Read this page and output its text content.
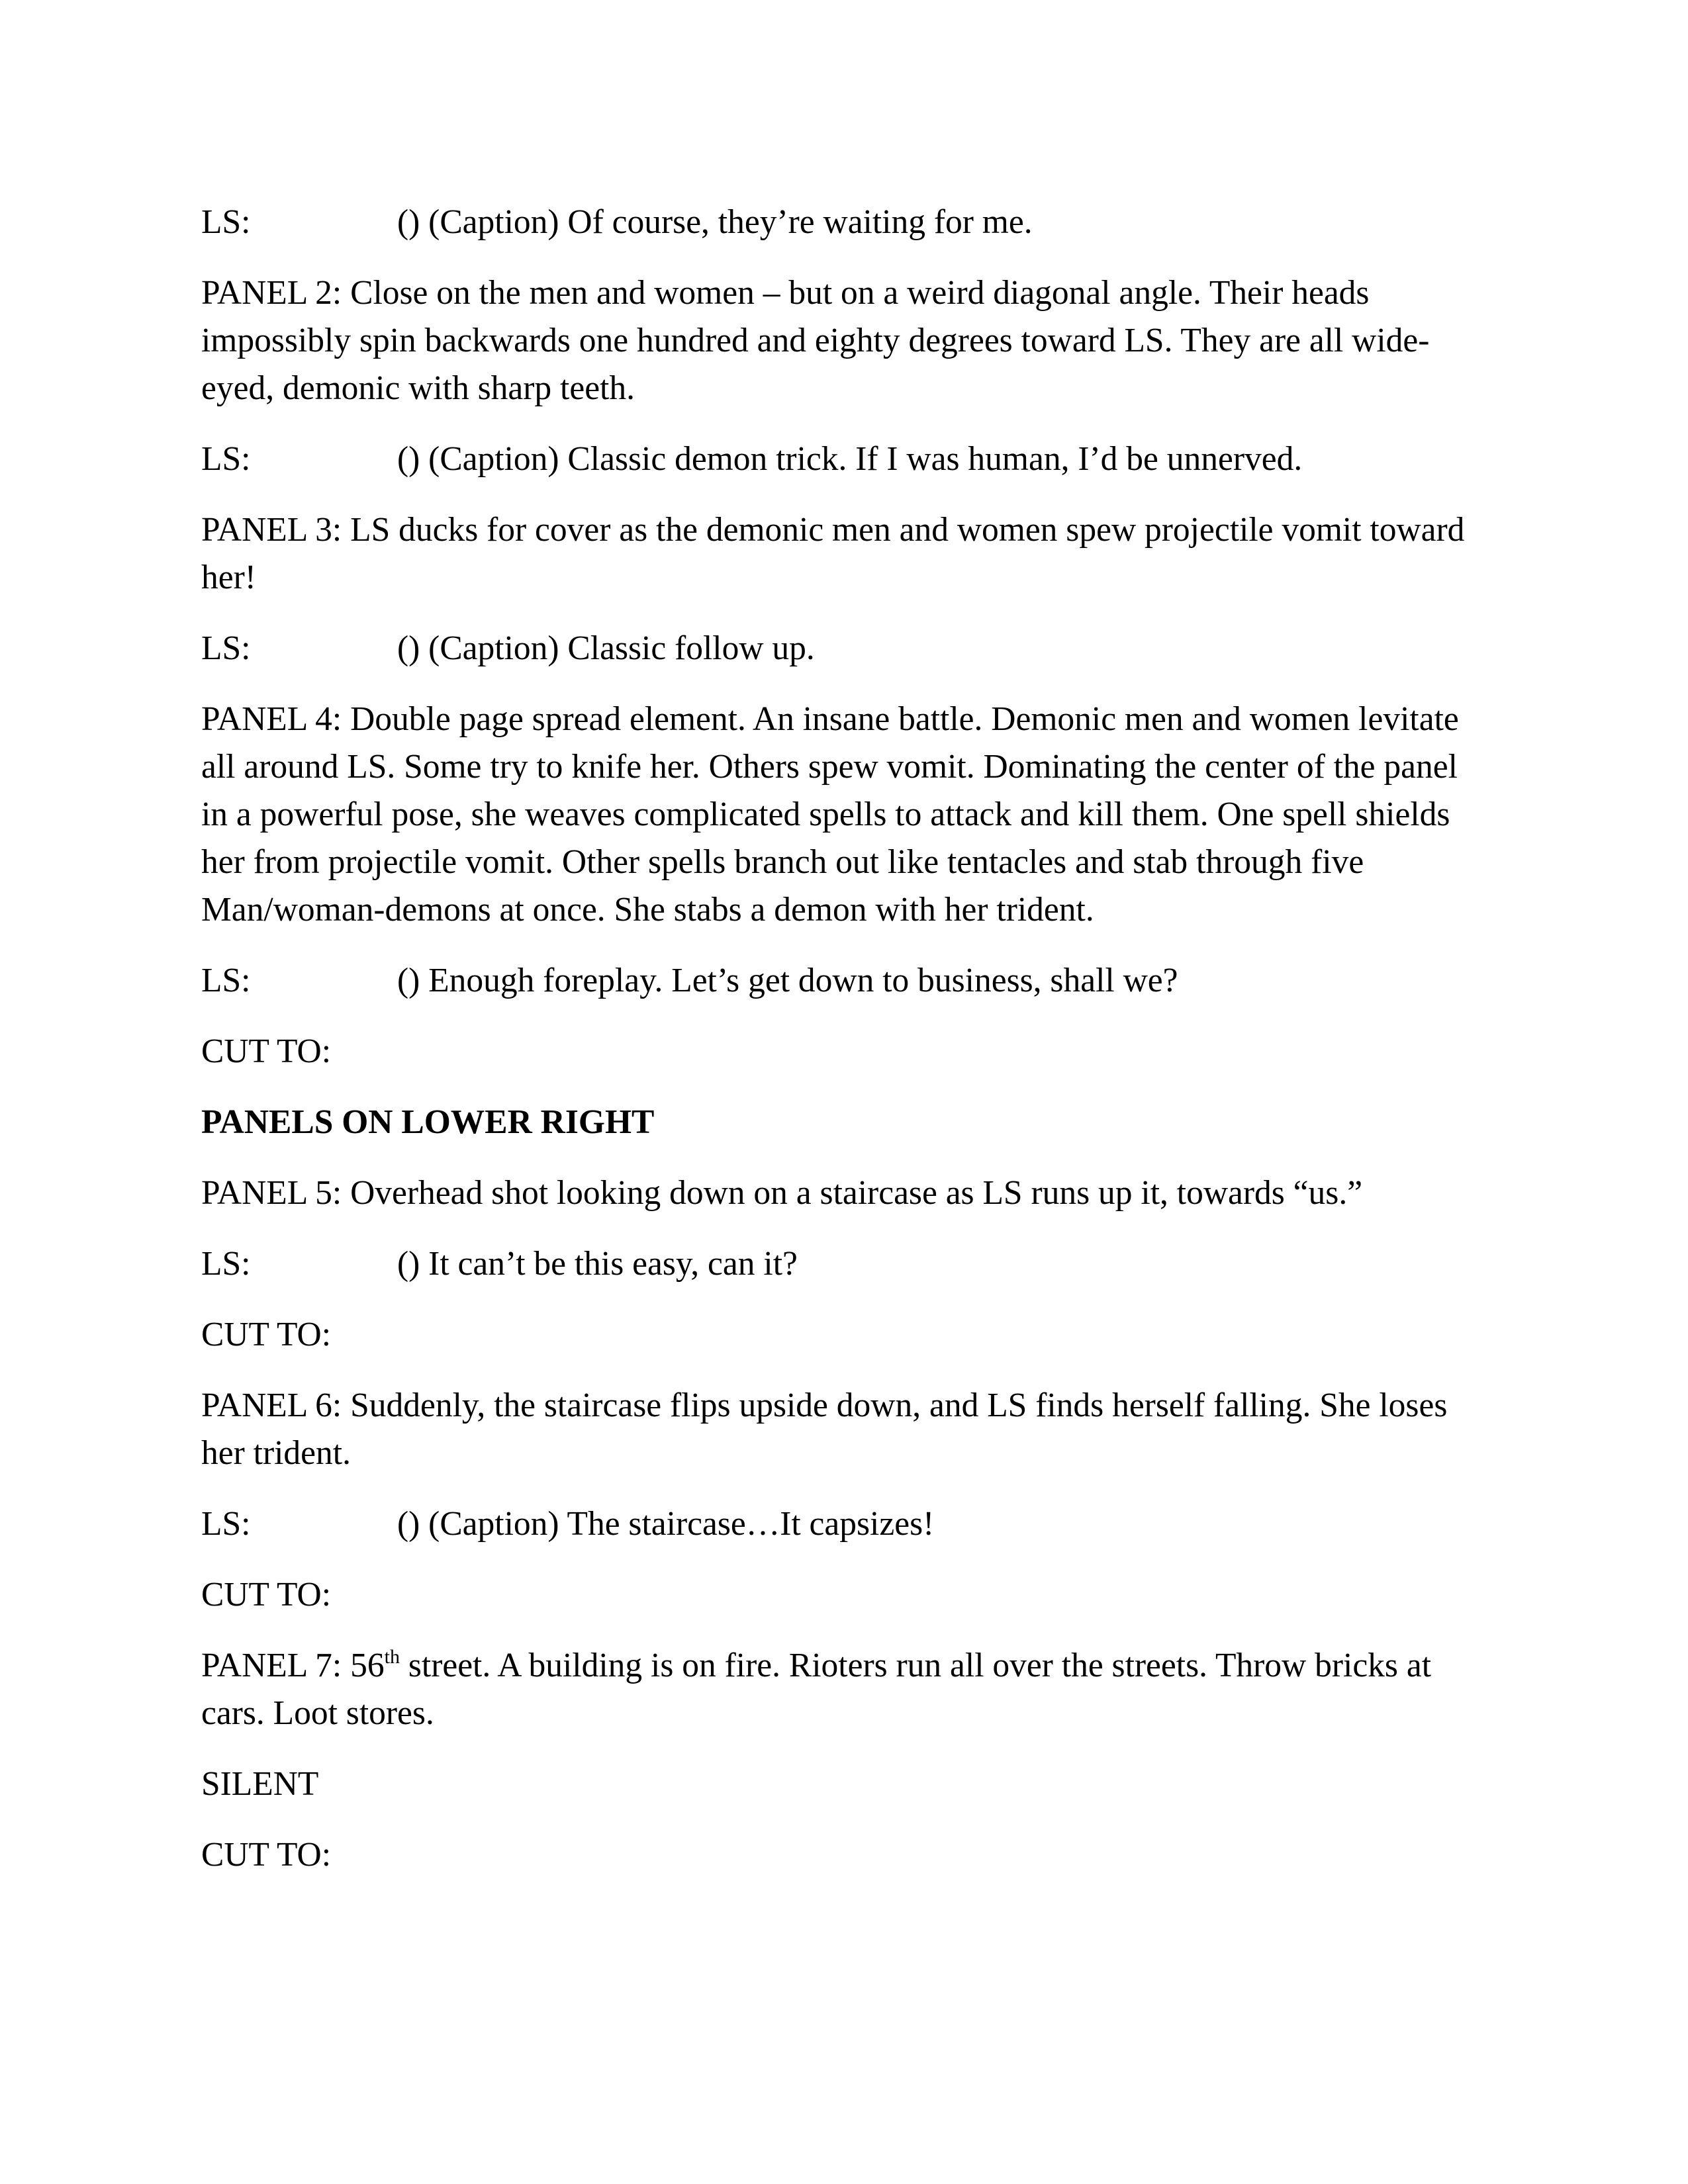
LS:	() (Caption) Of course, they’re waiting for me.

PANEL 2: Close on the men and women – but on a weird diagonal angle. Their heads impossibly spin backwards one hundred and eighty degrees toward LS. They are all wide-eyed, demonic with sharp teeth.

LS:	() (Caption) Classic demon trick. If I was human, I’d be unnerved.

PANEL 3: LS ducks for cover as the demonic men and women spew projectile vomit toward her!

LS:	() (Caption) Classic follow up.

PANEL 4: Double page spread element. An insane battle. Demonic men and women levitate all around LS. Some try to knife her. Others spew vomit. Dominating the center of the panel in a powerful pose, she weaves complicated spells to attack and kill them. One spell shields her from projectile vomit. Other spells branch out like tentacles and stab through five Man/woman-demons at once. She stabs a demon with her trident.

LS:	() Enough foreplay. Let’s get down to business, shall we?

CUT TO:

PANELS ON LOWER RIGHT

PANEL 5: Overhead shot looking down on a staircase as LS runs up it, towards “us.”

LS:	() It can’t be this easy, can it?

CUT TO:

PANEL 6: Suddenly, the staircase flips upside down, and LS finds herself falling. She loses her trident.

LS:	() (Caption) The staircase…It capsizes!

CUT TO:

PANEL 7: 56th street. A building is on fire. Rioters run all over the streets. Throw bricks at cars. Loot stores.

SILENT

CUT TO:
